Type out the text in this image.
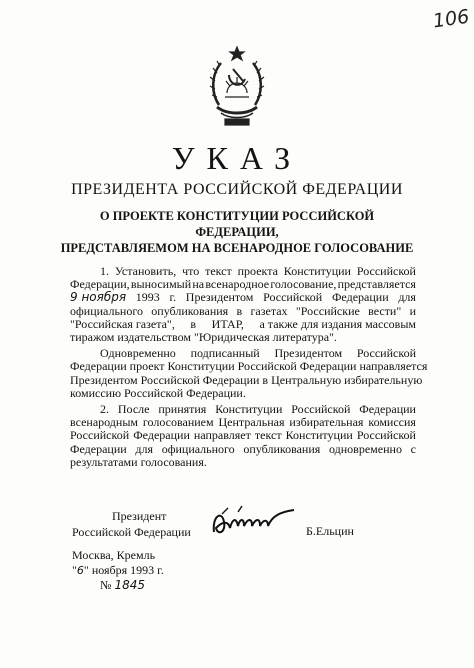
106
УКАЗ
ПРЕЗИДЕНТА РОССИЙСКОЙ ФЕДЕРАЦИИ
О ПРОЕКТЕ КОНСТИТУЦИИ РОССИЙСКОЙ ФЕДЕРАЦИИ,
ПРЕДСТАВЛЯЕМОМ НА ВСЕНАРОДНОЕ ГОЛОСОВАНИЕ
1. Установить, что текст проекта Конституции Российской
Федерации, выносимый на всенародное голосование, представляется
9 ноября 1993 г. Президентом Российской Федерации для
официального опубликования в газетах "Российские вести" и
"Российская газета", в ИТАР, а также для издания массовым
тиражом издательством "Юридическая литература".
Одновременно подписанный Президентом Российской
Федерации проект Конституции Российской Федерации направляется
Президентом Российской Федерации в Центральную избирательную
комиссию Российской Федерации.
2. После принятия Конституции Российской Федерации
всенародным голосованием Центральная избирательная комиссия
Российской Федерации направляет текст Конституции Российской
Федерации для официального опубликования одновременно с
результатами голосования.
Президент
Российской Федерации	Б.Ельцин
Москва, Кремль
"6" ноября 1993 г.
№ 1845
